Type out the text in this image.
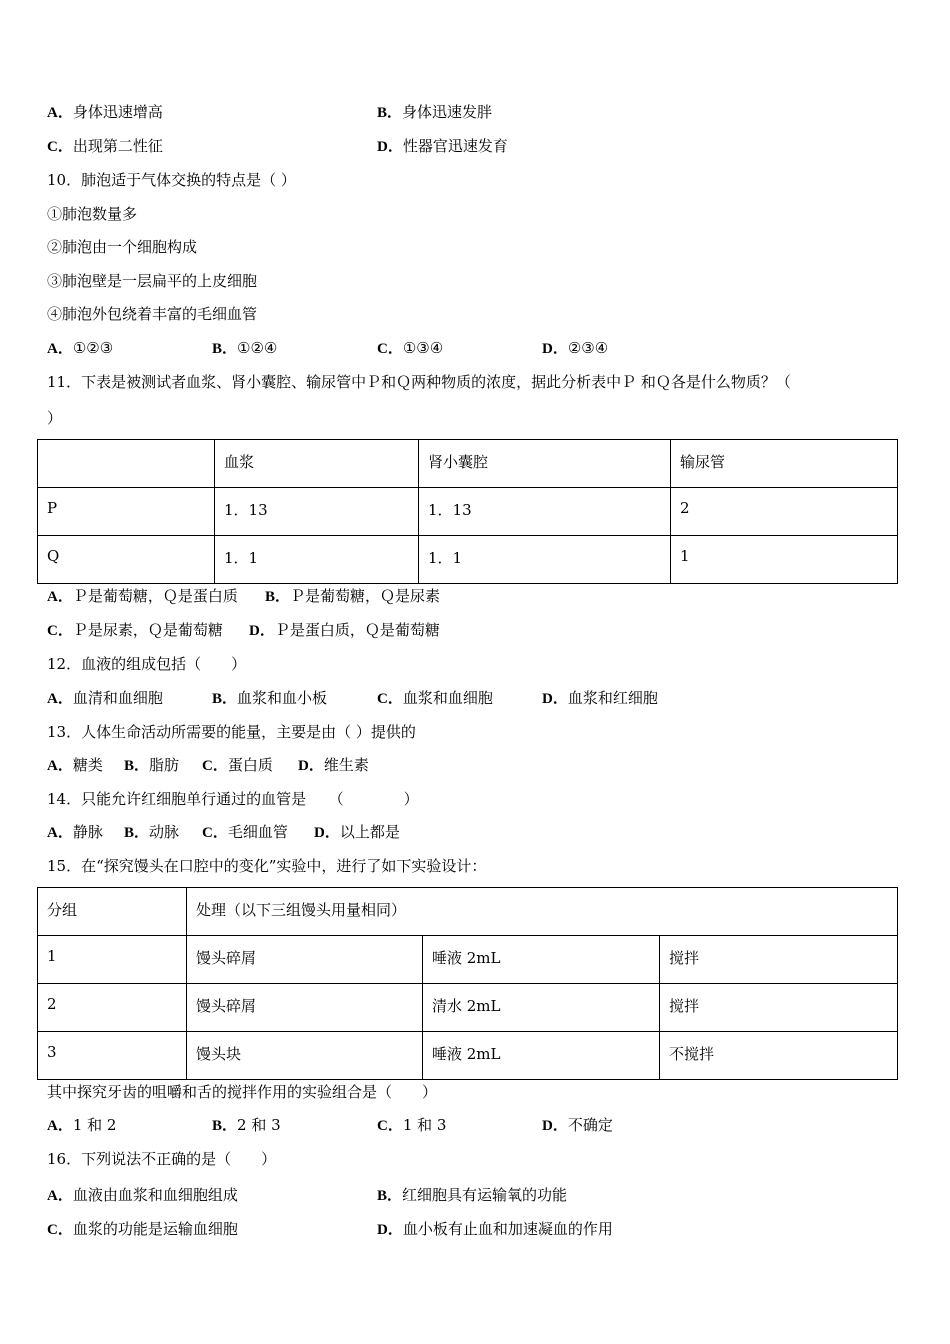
A．身体迅速增高	B．身体迅速发胖
C．出现第二性征	D．性器官迅速发育
10．肺泡适于气体交换的特点是（ ）
①肺泡数量多
②肺泡由一个细胞构成
③肺泡壁是一层扁平的上皮细胞
④肺泡外包绕着丰富的毛细血管
A．①②③	B．①②④	C．①③④	D．②③④
11．下表是被测试者血浆、肾小囊腔、输尿管中Ｐ和Ｑ两种物质的浓度，据此分析表中Ｐ 和Ｑ各是什么物质？（
）
	血浆	肾小囊腔	输尿管
P	1．13	1．13	2
Q	1．1	1．1	1
A．Ｐ是葡萄糖，Ｑ是蛋白质 B．Ｐ是葡萄糖，Ｑ是尿素
C．Ｐ是尿素，Ｑ是葡萄糖 D．Ｐ是蛋白质，Ｑ是葡萄糖
12．血液的组成包括（　　）
A．血清和血细胞	B．血浆和血小板	C．血浆和血细胞	D．血浆和红细胞
13．人体生命活动所需要的能量，主要是由（ ）提供的
A．糖类 B．脂肪 C．蛋白质 D．维生素
14．只能允许红细胞单行通过的血管是　　（　　　　）
A．静脉 B．动脉 C．毛细血管 D．以上都是
15．在“探究馒头在口腔中的变化”实验中，进行了如下实验设计：
分组	处理（以下三组馒头用量相同）		
1	馒头碎屑	唾液 2mL	搅拌
2	馒头碎屑	清水 2mL	搅拌
3	馒头块	唾液 2mL	不搅拌
其中探究牙齿的咀嚼和舌的搅拌作用的实验组合是（　　）
A．1 和 2	B．2 和 3	C．1 和 3	D．不确定
16．下列说法不正确的是（　　）
A．血液由血浆和血细胞组成	B．红细胞具有运输氧的功能
C．血浆的功能是运输血细胞	D．血小板有止血和加速凝血的作用
